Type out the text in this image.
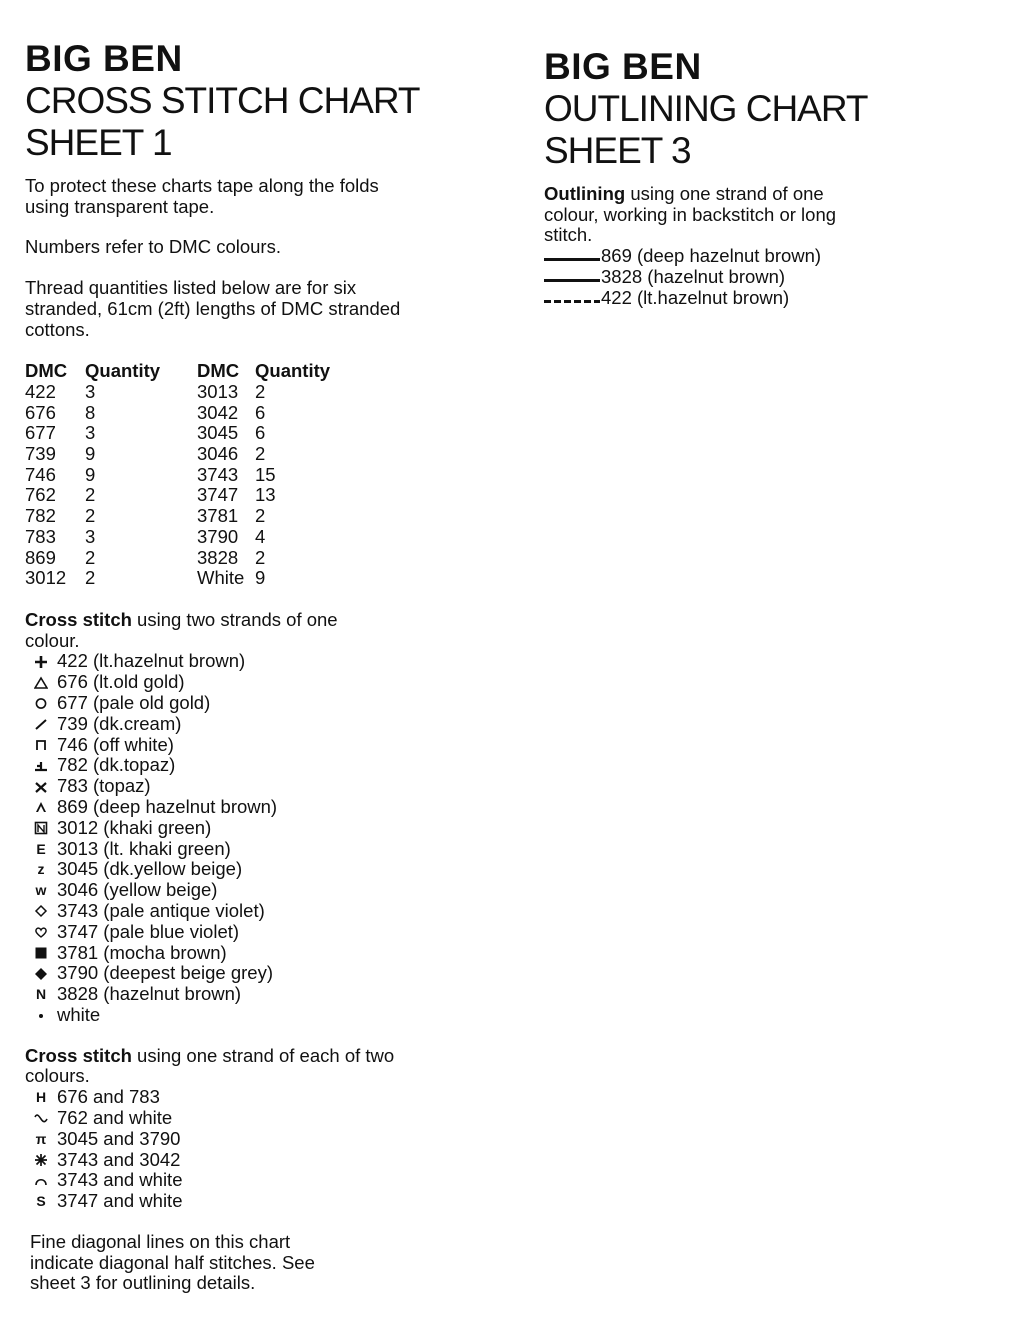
BIG BEN
CROSS STITCH CHART
SHEET 1

To protect these charts tape along the folds using transparent tape.

Numbers refer to DMC colours.

Thread quantities listed below are for six stranded, 61cm (2ft) lengths of DMC stranded cottons.

DMC	Quantity	DMC	Quantity
422	3	3013	2
676	8	3042	6
677	3	3045	6
739	9	3046	2
746	9	3743	15
762	2	3747	13
782	2	3781	2
783	3	3790	4
869	2	3828	2
3012	2	White	9

Cross stitch using two strands of one colour.

422 (lt.hazelnut brown)
676 (lt.old gold)
677 (pale old gold)
739 (dk.cream)
746 (off white)
782 (dk.topaz)
783 (topaz)
869 (deep hazelnut brown)
3012 (khaki green)
E 3013 (lt. khaki green)
z 3045 (dk.yellow beige)
w 3046 (yellow beige)
3743 (pale antique violet)
3747 (pale blue violet)
3781 (mocha brown)
3790 (deepest beige grey)
N 3828 (hazelnut brown)
white

Cross stitch using one strand of each of two colours.

H 676 and 783
762 and white
π 3045 and 3790
3743 and 3042
3743 and white
S 3747 and white

Fine diagonal lines on this chart indicate diagonal half stitches. See sheet 3 for outlining details.

BIG BEN
OUTLINING CHART
SHEET 3

Outlining using one strand of one colour, working in backstitch or long stitch.

869 (deep hazelnut brown)
3828 (hazelnut brown)
422 (lt.hazelnut brown)
